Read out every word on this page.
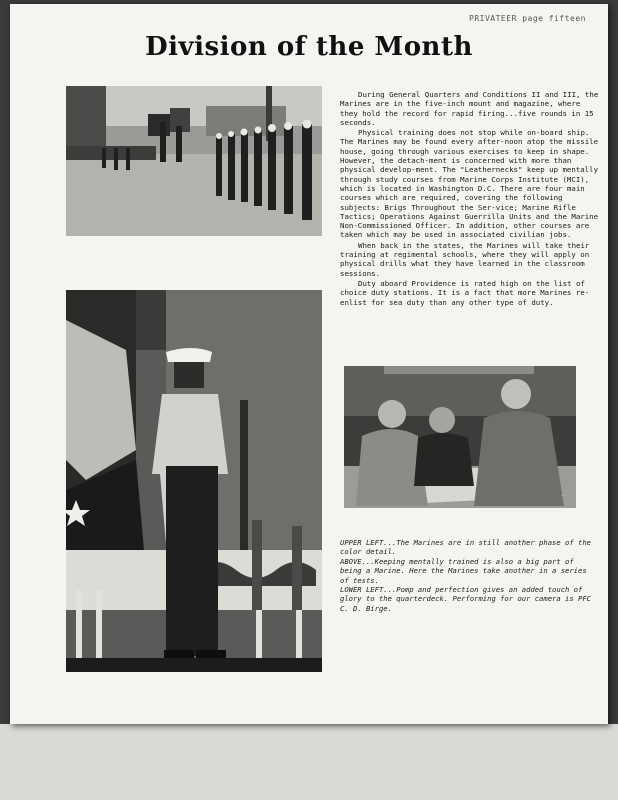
PRIVATEER page fifteen
Division of the Month

During General Quarters and Conditions II and III, the Marines are in the five-inch mount and magazine, where they hold the record for rapid firing...five rounds in 15 seconds.

Physical training does not stop while on-board ship. The Marines may be found every after-noon atop the missile house, going through various exercises to keep in shape. However, the detach-ment is concerned with more than physical develop-ment. The "Leathernecks" keep up mentally through study courses from Marine Corps Institute (MCI), which is located in Washington D.C. There are four main courses which are required, covering the following subjects: Brigs Throughout the Ser-vice; Marine Rifle Tactics; Operations Against Guerrilla Units and the Marine Non-Commissioned Officer. In addition, other courses are taken which may be used in associated civilian jobs.

When back in the states, the Marines will take their training at regimental schools, where they will apply on physical drills what they have learned in the classroom sessions.

Duty aboard Providence is rated high on the list of choice duty stations. It is a fact that more Marines re-enlist for sea duty than any other type of duty.

UPPER LEFT...The Marines are in still another phase of the color detail.
ABOVE...Keeping mentally trained is also a big part of being a Marine. Here the Marines take another in a series of tests.
LOWER LEFT...Pomp and perfection gives an added touch of glory to the quarterdeck. Performing for our camera is PFC C. D. Birge.
